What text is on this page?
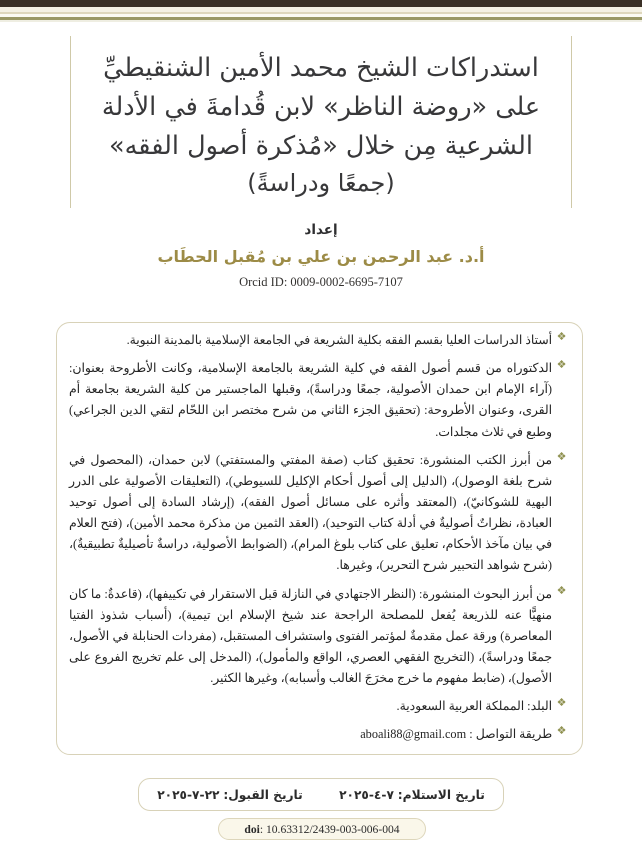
استدراكات الشيخ محمد الأمين الشنقيطيِّ
على «روضة الناظر» لابن قُدامةَ في الأدلة
الشرعية مِن خلال «مُذكرة أصول الفقه»
(جمعًا ودراسةً)
إعداد
أ.د. عبد الرحمن بن علي بن مُقبل الحطَاب
Orcid ID: 0009-0002-6695-7107
❖
أستاذ الدراسات العليا بقسم الفقه بكلية الشريعة في الجامعة الإسلامية بالمدينة النبوية.
❖
الدكتوراه من قسم أصول الفقه في كلية الشريعة بالجامعة الإسلامية، وكانت الأطروحة بعنوان: (آراء الإمام ابن حمدان الأصولية، جمعًا ودراسةً)، وقبلها الماجستير من كلية الشريعة بجامعة أم القرى، وعنوان الأطروحة: (تحقيق الجزء الثاني من شرح مختصر ابن اللحّام لتقي الدين الجراعي) وطبع في ثلاث مجلدات.
❖
من أبرز الكتب المنشورة: تحقيق كتاب (صفة المفتي والمستفتي) لابن حمدان، (المحصول في شرح بلغة الوصول)، (الدليل إلى أصول أحكام الإكليل للسيوطي)، (التعليقات الأصولية على الدرر البهية للشوكانيّ)، (المعتقد وأثره على مسائل أصول الفقه)، (إرشاد السادة إلى أصول توحيد العبادة، نظراتٌ أصوليةٌ في أدلة كتاب التوحيد)، (العقد الثمين من مذكرة محمد الأمين)، (فتح العلام في بيان مآخذ الأحكام، تعليق على كتاب بلوغ المرام)، (الضوابط الأصولية، دراسةٌ تأصيليةٌ تطبيقيةٌ)، (شرح شواهد التحبير شرح التحرير)، وغيرها.
❖
من أبرز البحوث المنشورة: (النظر الاجتهادي في النازلة قبل الاستقرار في تكييفها)، (قاعدةٌ: ما كان منهيًّا عنه للذريعة يُفعل للمصلحة الراجحة عند شيخ الإسلام ابن تيمية)، (أسباب شذوذ الفتيا المعاصرة) ورقة عمل مقدمةٌ لمؤتمر الفتوى واستشراف المستقبل، (مفردات الحنابلة في الأصول، جمعًا ودراسةً)، (التخريج الفقهي العصري، الواقع والمأمول)، (المدخل إلى علم تخريج الفروع على الأصول)، (ضابط مفهوم ما خرج مخرَجَ الغالب وأسبابه)، وغيرها الكثير.
❖
البلد: المملكة العربية السعودية.
❖
طريقة التواصل : aboali88@gmail.com
تاريخ الاستلام: ٧-٤-٢٠٢٥
تاريخ القبول: ٢٢-٧-٢٠٢٥
doi: 10.63312/2439-003-006-004
